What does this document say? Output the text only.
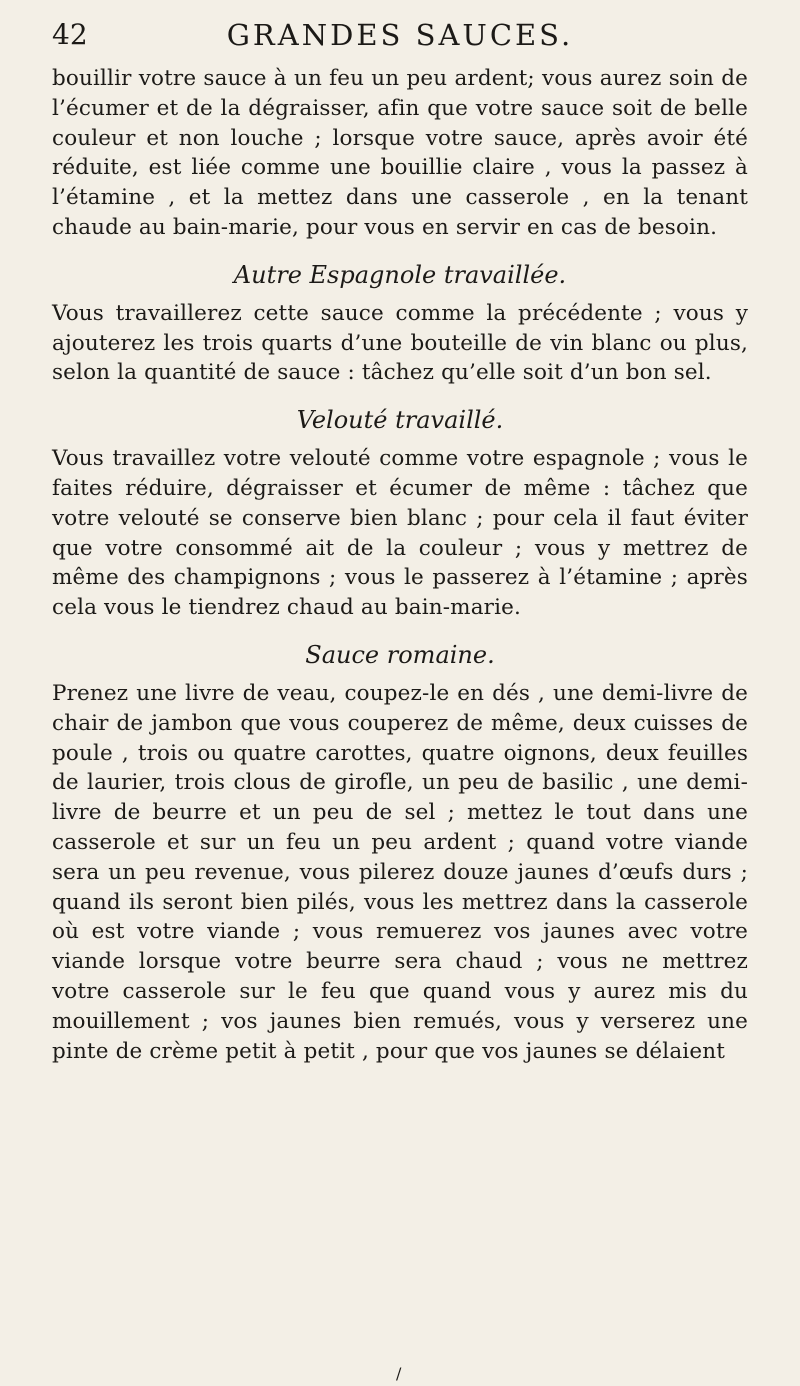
42	GRANDES SAUCES.

bouillir votre sauce à un feu un peu ardent; vous aurez soin de l’écumer et de la dégraisser, afin que votre sauce soit de belle couleur et non louche ; lorsque votre sauce, après avoir été réduite, est liée comme une bouillie claire , vous la passez à l’étamine , et la mettez dans une casserole , en la tenant chaude au bain-marie, pour vous en servir en cas de besoin.

Autre Espagnole travaillée.

Vous travaillerez cette sauce comme la précédente ; vous y ajouterez les trois quarts d’une bouteille de vin blanc ou plus, selon la quantité de sauce : tâchez qu’elle soit d’un bon sel.

Velouté travaillé.

Vous travaillez votre velouté comme votre espagnole ; vous le faites réduire, dégraisser et écumer de même : tâchez que votre velouté se conserve bien blanc ; pour cela il faut éviter que votre consommé ait de la couleur ; vous y mettrez de même des champignons ; vous le passerez à l’étamine ; après cela vous le tiendrez chaud au bain-marie.

Sauce romaine.

Prenez une livre de veau, coupez-le en dés , une demi-livre de chair de jambon que vous couperez de même, deux cuisses de poule , trois ou quatre carottes, quatre oignons, deux feuilles de laurier, trois clous de girofle, un peu de basilic , une demi-livre de beurre et un peu de sel ; mettez le tout dans une casserole et sur un feu un peu ardent ; quand votre viande sera un peu revenue, vous pilerez douze jaunes d’œufs durs ; quand ils seront bien pilés, vous les mettrez dans la casserole où est votre viande ; vous remuerez vos jaunes avec votre viande lorsque votre beurre sera chaud ; vous ne mettrez votre casserole sur le feu que quand vous y aurez mis du mouillement ; vos jaunes bien remués, vous y verserez une pinte de crème petit à petit , pour que vos jaunes se délaient

/
